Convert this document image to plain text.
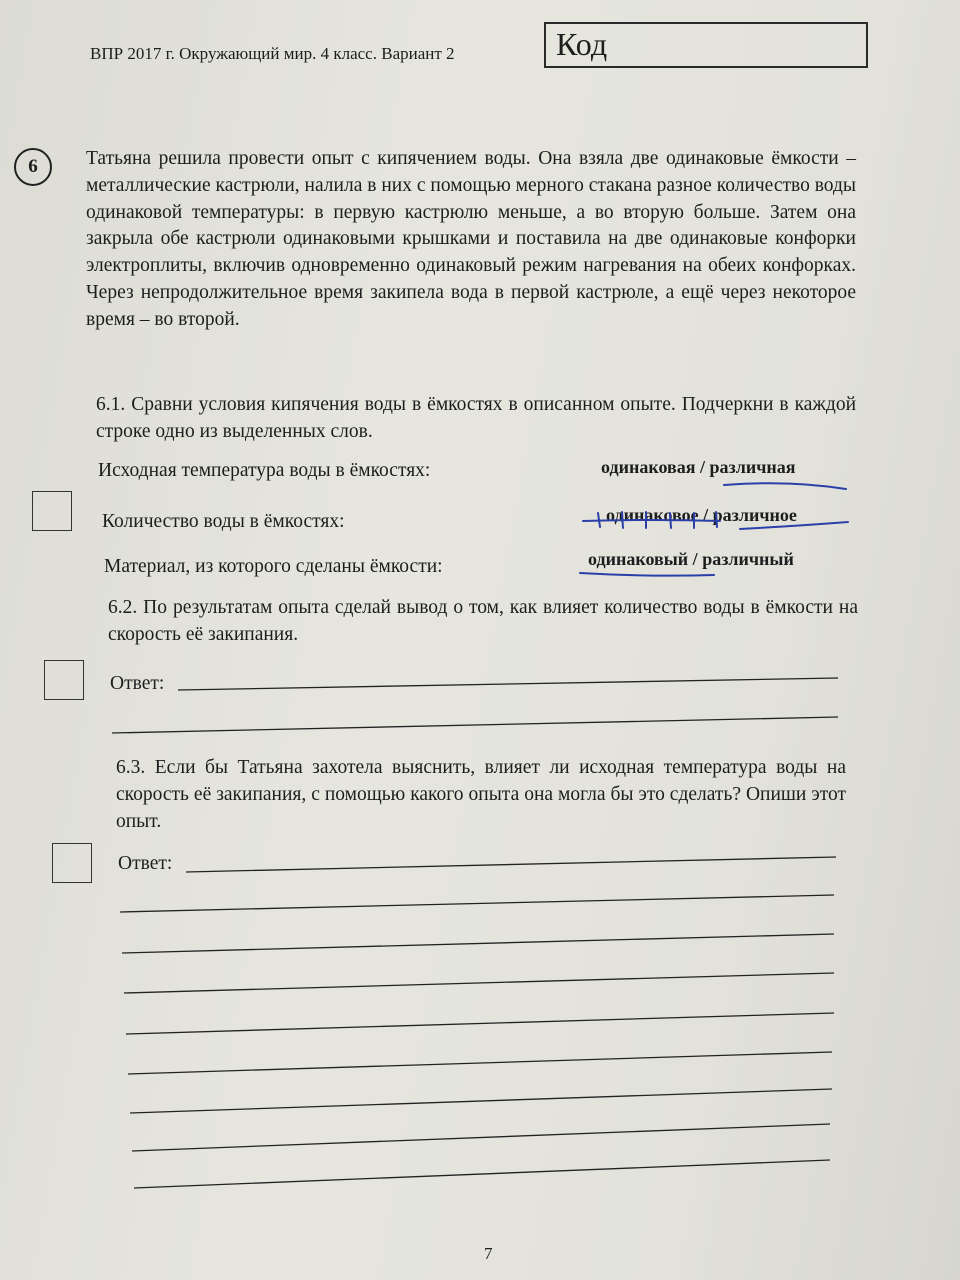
ВПР 2017 г. Окружающий мир. 4 класс. Вариант 2	Код
6	Татьяна решила провести опыт с кипячением воды. Она взяла две одинаковые ёмкости – металлические кастрюли, налила в них с помощью мерного стакана разное количество воды одинаковой температуры: в первую кастрюлю меньше, а во вторую больше. Затем она закрыла обе кастрюли одинаковыми крышками и поставила на две одинаковые конфорки электроплиты, включив одновременно одинаковый режим нагревания на обеих конфорках. Через непродолжительное время закипела вода в первой кастрюле, а ещё через некоторое время – во второй.
6.1. Сравни условия кипячения воды в ёмкостях в описанном опыте. Подчеркни в каждой строке одно из выделенных слов.
Исходная температура воды в ёмкостях:	одинаковая / различная
Количество воды в ёмкостях:	одинаковое / различное
Материал, из которого сделаны ёмкости:	одинаковый / различный
6.2. По результатам опыта сделай вывод о том, как влияет количество воды в ёмкости на скорость её закипания.
Ответ:
6.3. Если бы Татьяна захотела выяснить, влияет ли исходная температура воды на скорость её закипания, с помощью какого опыта она могла бы это сделать? Опиши этот опыт.
Ответ:
7
